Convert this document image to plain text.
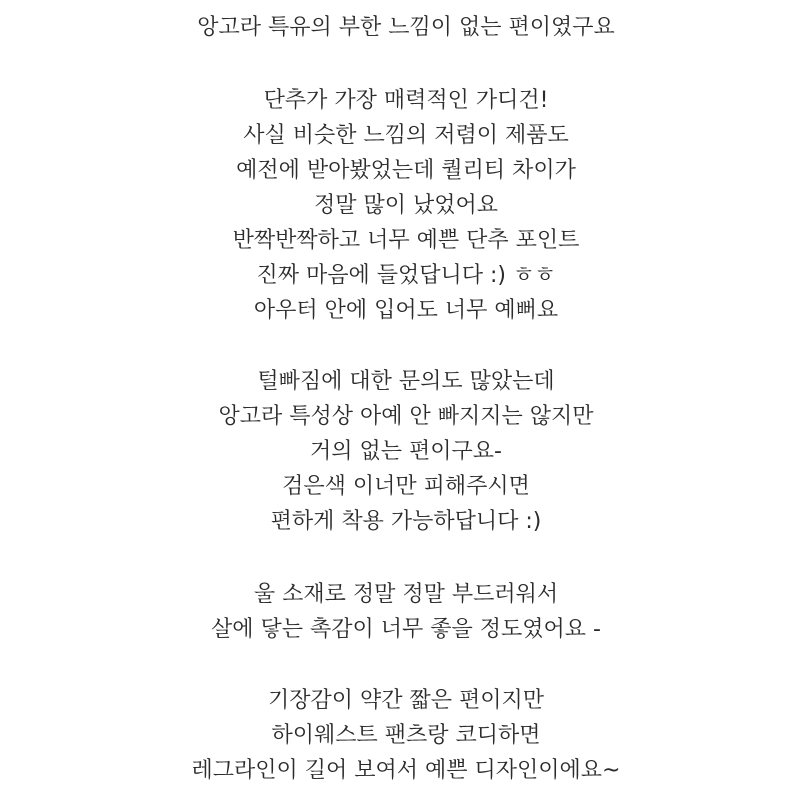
앙고라 특유의 부한 느낌이 없는 편이였구요
단추가 가장 매력적인 가디건!
사실 비슷한 느낌의 저렴이 제품도
예전에 받아봤었는데 퀄리티 차이가
정말 많이 났었어요
반짝반짝하고 너무 예쁜 단추 포인트
진짜 마음에 들었답니다 :) ㅎㅎ
아우터 안에 입어도 너무 예뻐요
털빠짐에 대한 문의도 많았는데
앙고라 특성상 아예 안 빠지지는 않지만
거의 없는 편이구요-
검은색 이너만 피해주시면
편하게 착용 가능하답니다 :)
울 소재로 정말 정말 부드러워서
살에 닿는 촉감이 너무 좋을 정도였어요 -
기장감이 약간 짧은 편이지만
하이웨스트 팬츠랑 코디하면
레그라인이 길어 보여서 예쁜 디자인이에요~
